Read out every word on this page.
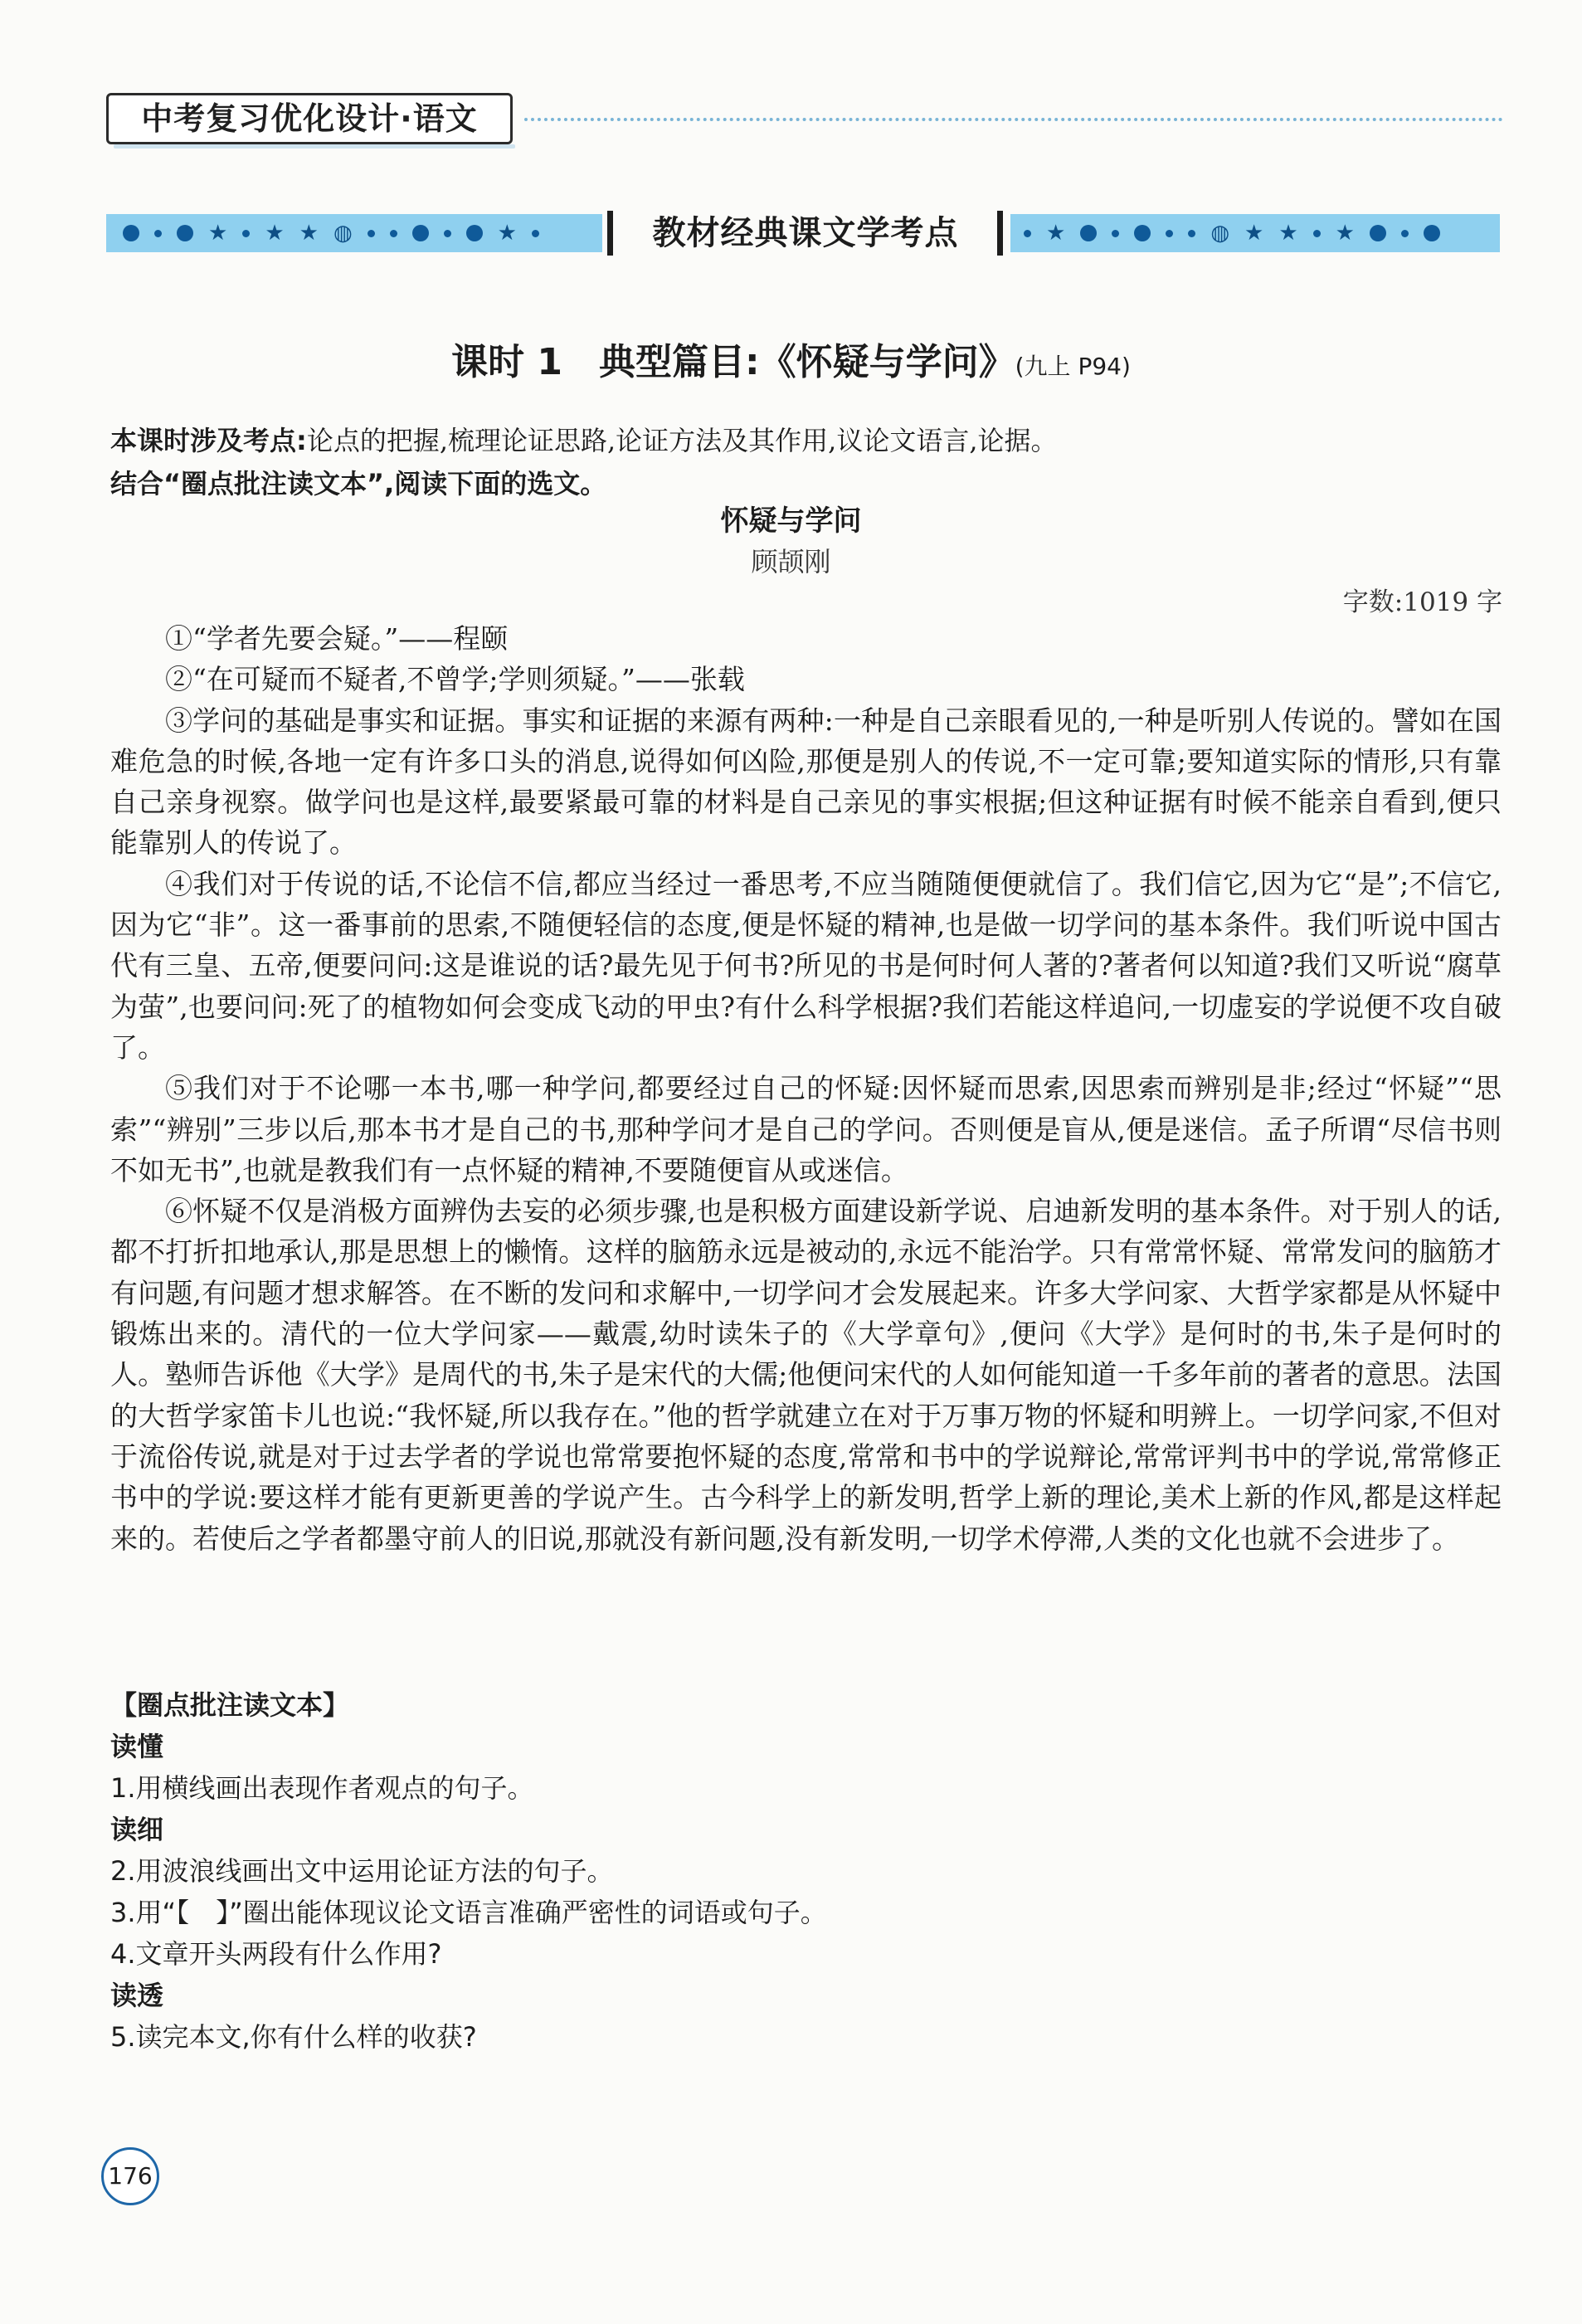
中考复习优化设计·语文
★ ★ ★ ◍	★	教材经典课文学考点	★	◍ ★ ★ ★
课时 1　典型篇目:《怀疑与学问》(九上 P94)
本课时涉及考点:论点的把握,梳理论证思路,论证方法及其作用,议论文语言,论据。
结合“圈点批注读文本”,阅读下面的选文。
怀疑与学问
顾颉刚
字数:1019 字

①“学者先要会疑。”——程颐

②“在可疑而不疑者,不曾学;学则须疑。”——张载

③学问的基础是事实和证据。事实和证据的来源有两种:一种是自己亲眼看见的,一种是听别人传说的。譬如在国难危急的时候,各地一定有许多口头的消息,说得如何凶险,那便是别人的传说,不一定可靠;要知道实际的情形,只有靠自己亲身视察。做学问也是这样,最要紧最可靠的材料是自己亲见的事实根据;但这种证据有时候不能亲自看到,便只能靠别人的传说了。

④我们对于传说的话,不论信不信,都应当经过一番思考,不应当随随便便就信了。我们信它,因为它“是”;不信它,因为它“非”。这一番事前的思索,不随便轻信的态度,便是怀疑的精神,也是做一切学问的基本条件。我们听说中国古代有三皇、五帝,便要问问:这是谁说的话?最先见于何书?所见的书是何时何人著的?著者何以知道?我们又听说“腐草为萤”,也要问问:死了的植物如何会变成飞动的甲虫?有什么科学根据?我们若能这样追问,一切虚妄的学说便不攻自破了。

⑤我们对于不论哪一本书,哪一种学问,都要经过自己的怀疑:因怀疑而思索,因思索而辨别是非;经过“怀疑”“思索”“辨别”三步以后,那本书才是自己的书,那种学问才是自己的学问。否则便是盲从,便是迷信。孟子所谓“尽信书则不如无书”,也就是教我们有一点怀疑的精神,不要随便盲从或迷信。

⑥怀疑不仅是消极方面辨伪去妄的必须步骤,也是积极方面建设新学说、启迪新发明的基本条件。对于别人的话,都不打折扣地承认,那是思想上的懒惰。这样的脑筋永远是被动的,永远不能治学。只有常常怀疑、常常发问的脑筋才有问题,有问题才想求解答。在不断的发问和求解中,一切学问才会发展起来。许多大学问家、大哲学家都是从怀疑中锻炼出来的。清代的一位大学问家——戴震,幼时读朱子的《大学章句》,便问《大学》是何时的书,朱子是何时的人。塾师告诉他《大学》是周代的书,朱子是宋代的大儒;他便问宋代的人如何能知道一千多年前的著者的意思。法国的大哲学家笛卡儿也说:“我怀疑,所以我存在。”他的哲学就建立在对于万事万物的怀疑和明辨上。一切学问家,不但对于流俗传说,就是对于过去学者的学说也常常要抱怀疑的态度,常常和书中的学说辩论,常常评判书中的学说,常常修正书中的学说:要这样才能有更新更善的学说产生。古今科学上的新发明,哲学上新的理论,美术上新的作风,都是这样起来的。若使后之学者都墨守前人的旧说,那就没有新问题,没有新发明,一切学术停滞,人类的文化也就不会进步了。

【圈点批注读文本】
读懂
1.用横线画出表现作者观点的句子。
读细
2.用波浪线画出文中运用论证方法的句子。
3.用“【　】”圈出能体现议论文语言准确严密性的词语或句子。
4.文章开头两段有什么作用?
读透
5.读完本文,你有什么样的收获?
176
